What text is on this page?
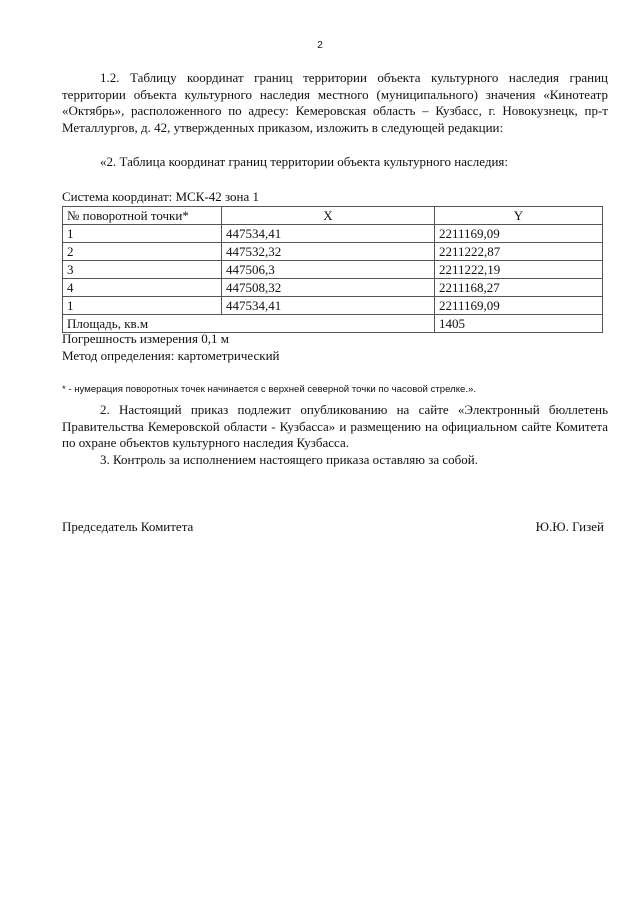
2

1.2. Таблицу координат границ территории объекта культурного наследия границ территории объекта культурного наследия местного (муниципального) значения «Кинотеатр «Октябрь», расположенного по адресу: Кемеровская область – Кузбасс, г. Новокузнецк, пр-т Металлургов, д. 42, утвержденных приказом, изложить в следующей редакции:

«2. Таблица координат границ территории объекта культурного наследия:

Система координат: МСК-42 зона 1

№ поворотной точки*	X	Y
1	447534,41	2211169,09
2	447532,32	2211222,87
3	447506,3	2211222,19
4	447508,32	2211168,27
1	447534,41	2211169,09
Площадь, кв.м		1405

Погрешность измерения 0,1 м

Метод определения: картометрический

* - нумерация поворотных точек начинается с верхней северной точки по часовой стрелке.».

2. Настоящий приказ подлежит опубликованию на сайте «Электронный бюллетень Правительства Кемеровской области - Кузбасса» и размещению на официальном сайте Комитета по охране объектов культурного наследия Кузбасса.

3. Контроль за исполнением настоящего приказа оставляю за собой.

Председатель Комитета	Ю.Ю. Гизей
